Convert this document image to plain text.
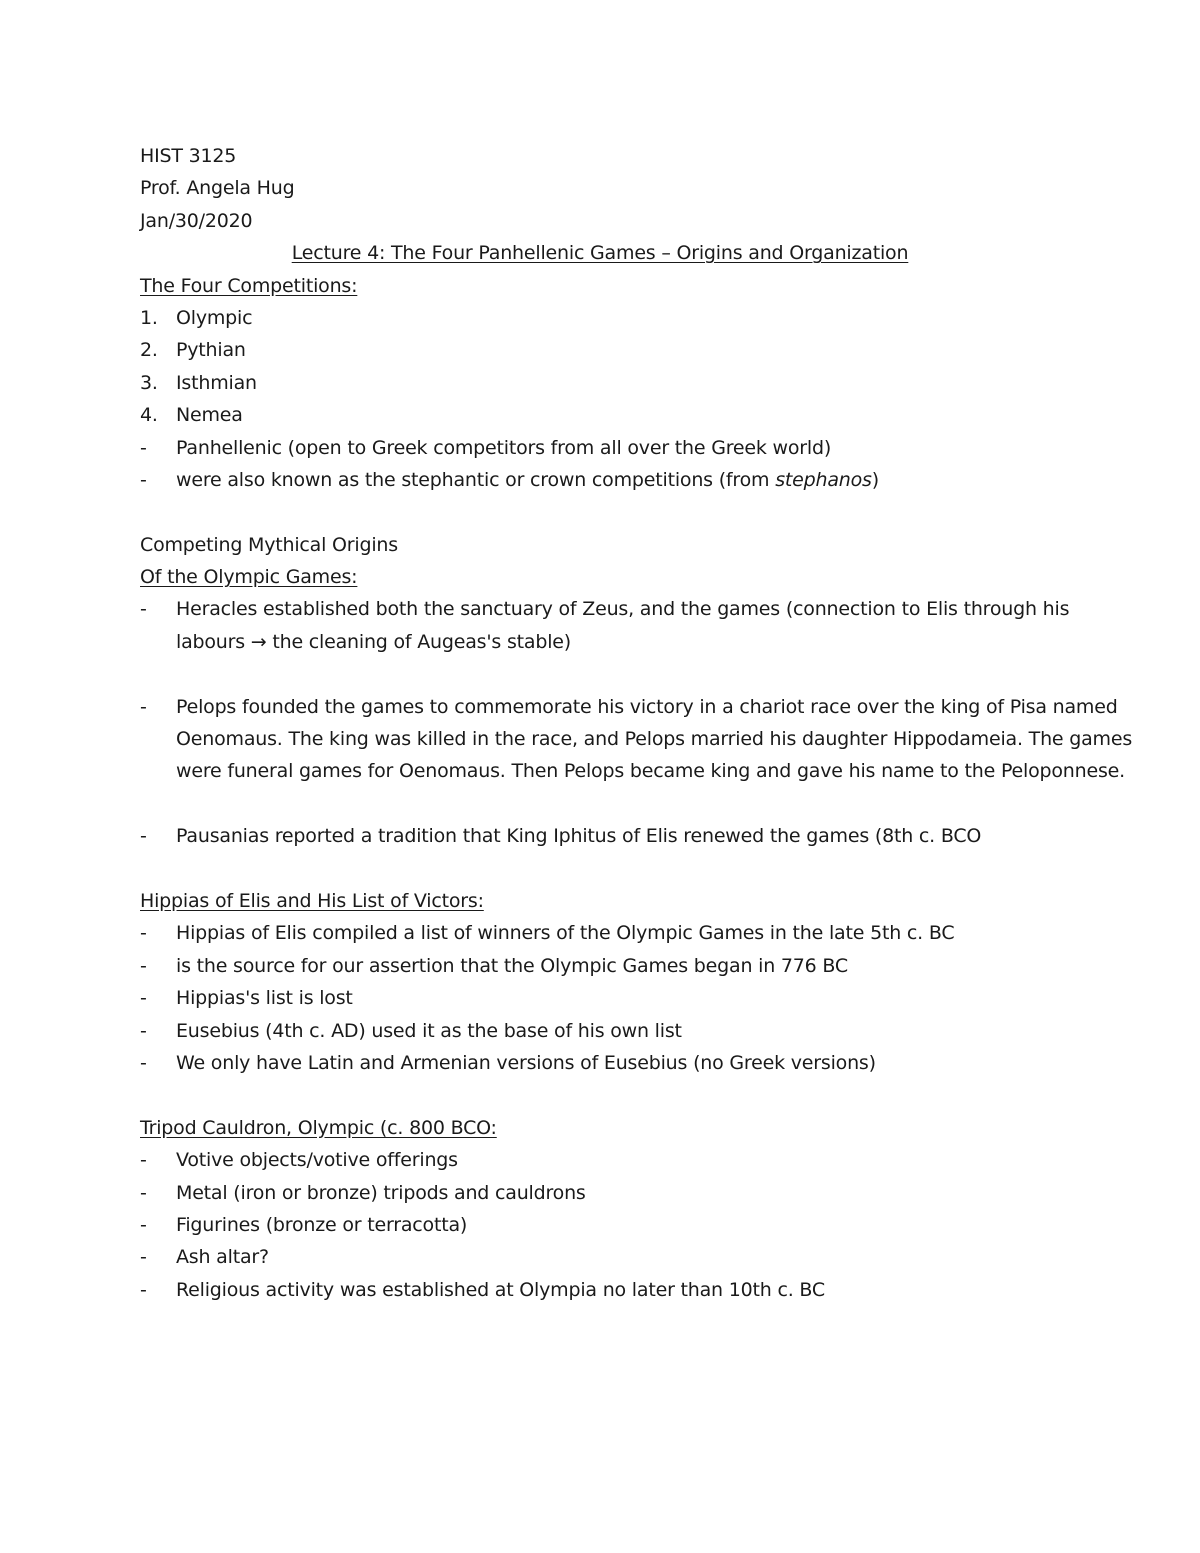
HIST 3125
Prof. Angela Hug
Jan/30/2020
Lecture 4: The Four Panhellenic Games – Origins and Organization
The Four Competitions:
1. Olympic
2. Pythian
3. Isthmian
4. Nemea
-	Panhellenic (open to Greek competitors from all over the Greek world)
-	were also known as the stephantic or crown competitions (from stephanos)
Competing Mythical Origins
Of the Olympic Games:
-	Heracles established both the sanctuary of Zeus, and the games (connection to Elis through his
labours → the cleaning of Augeas's stable)
-	Pelops founded the games to commemorate his victory in a chariot race over the king of Pisa named
Oenomaus. The king was killed in the race, and Pelops married his daughter Hippodameia. The games
were funeral games for Oenomaus. Then Pelops became king and gave his name to the Peloponnese.
-	Pausanias reported a tradition that King Iphitus of Elis renewed the games (8th c. BCO
Hippias of Elis and His List of Victors:
-	Hippias of Elis compiled a list of winners of the Olympic Games in the late 5th c. BC
-	is the source for our assertion that the Olympic Games began in 776 BC
-	Hippias's list is lost
-	Eusebius (4th c. AD) used it as the base of his own list
-	We only have Latin and Armenian versions of Eusebius (no Greek versions)
Tripod Cauldron, Olympic (c. 800 BCO:
-	Votive objects/votive offerings
-	Metal (iron or bronze) tripods and cauldrons
-	Figurines (bronze or terracotta)
-	Ash altar?
-	Religious activity was established at Olympia no later than 10th c. BC
